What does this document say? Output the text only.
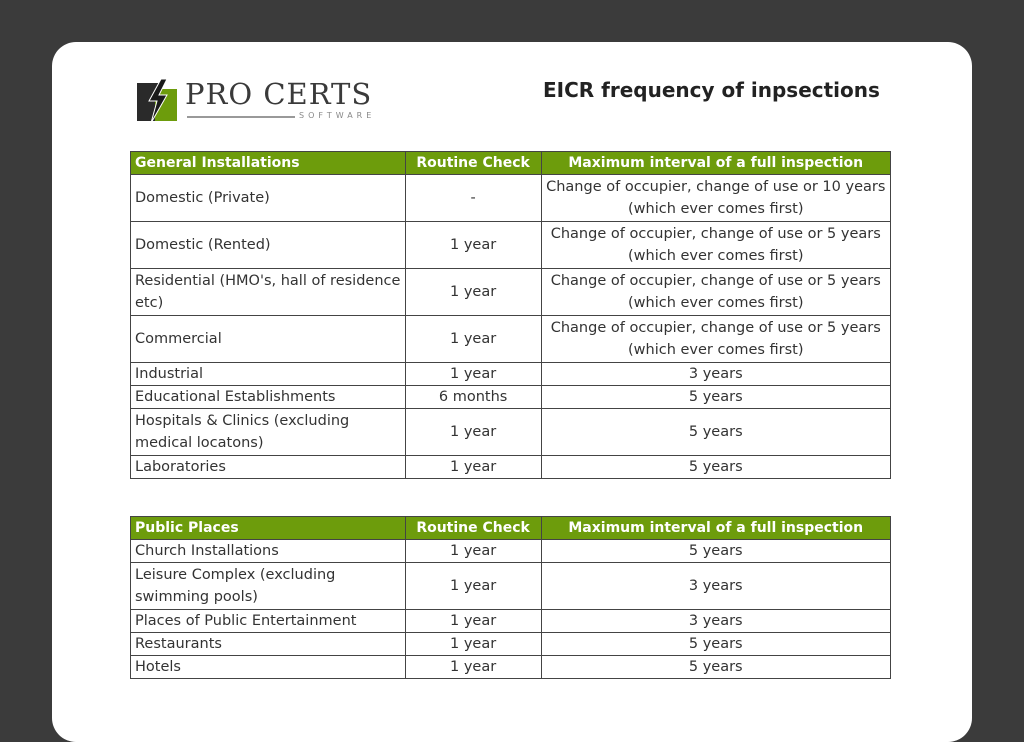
PRO CERTS
SOFTWARE
EICR frequency of inpsections
General Installations	Routine Check	Maximum interval of a full inspection
Domestic (Private)	-	Change of occupier, change of use or 10 years (which ever comes first)
Domestic (Rented)	1 year	Change of occupier, change of use or 5 years (which ever comes first)
Residential (HMO's, hall of residence etc)	1 year	Change of occupier, change of use or 5 years (which ever comes first)
Commercial	1 year	Change of occupier, change of use or 5 years (which ever comes first)
Industrial	1 year	3 years
Educational Establishments	6 months	5 years
Hospitals & Clinics (excluding medical locatons)	1 year	5 years
Laboratories	1 year	5 years
Public Places	Routine Check	Maximum interval of a full inspection
Church Installations	1 year	5 years
Leisure Complex (excluding swimming pools)	1 year	3 years
Places of Public Entertainment	1 year	3 years
Restaurants	1 year	5 years
Hotels	1 year	5 years
